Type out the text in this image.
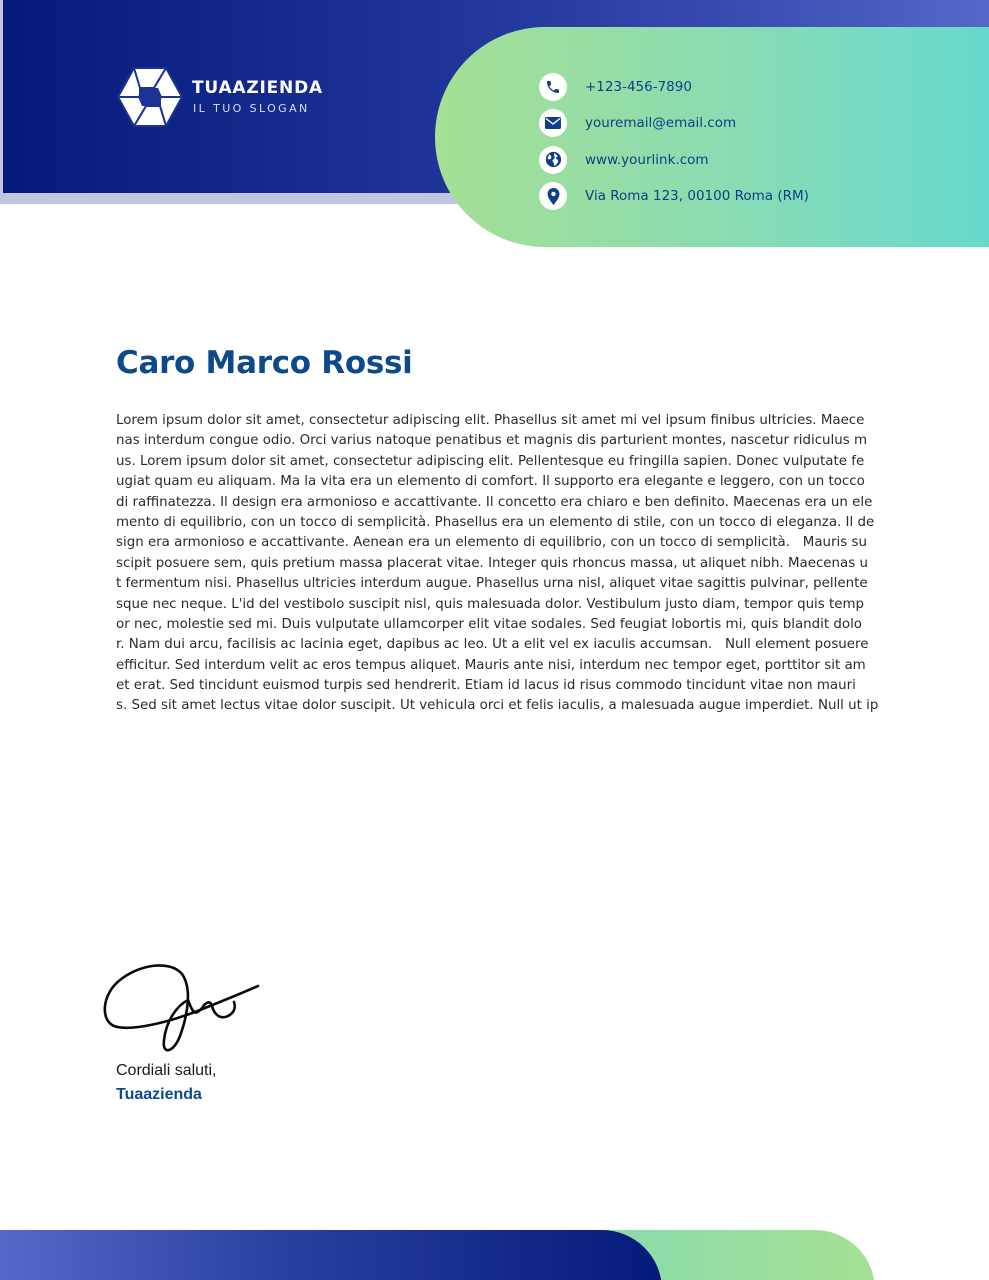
TUAAZIENDA
IL TUO SLOGAN
+123-456-7890
youremail@email.com
www.yourlink.com
Via Roma 123, 00100 Roma (RM)
Caro Marco Rossi
Lorem ipsum dolor sit amet, consectetur adipiscing elit. Phasellus sit amet mi vel ipsum finibus ultricies. Maece
nas interdum congue odio. Orci varius natoque penatibus et magnis dis parturient montes, nascetur ridiculus m
us. Lorem ipsum dolor sit amet, consectetur adipiscing elit. Pellentesque eu fringilla sapien. Donec vulputate fe
ugiat quam eu aliquam. Ma la vita era un elemento di comfort. Il supporto era elegante e leggero, con un tocco
di raffinatezza. Il design era armonioso e accattivante. Il concetto era chiaro e ben definito. Maecenas era un ele
mento di equilibrio, con un tocco di semplicità. Phasellus era un elemento di stile, con un tocco di eleganza. Il de
sign era armonioso e accattivante. Aenean era un elemento di equilibrio, con un tocco di semplicità.   Mauris su
scipit posuere sem, quis pretium massa placerat vitae. Integer quis rhoncus massa, ut aliquet nibh. Maecenas u
t fermentum nisi. Phasellus ultricies interdum augue. Phasellus urna nisl, aliquet vitae sagittis pulvinar, pellente
sque nec neque. L'id del vestibolo suscipit nisl, quis malesuada dolor. Vestibulum justo diam, tempor quis temp
or nec, molestie sed mi. Duis vulputate ullamcorper elit vitae sodales. Sed feugiat lobortis mi, quis blandit dolo
r. Nam dui arcu, facilisis ac lacinia eget, dapibus ac leo. Ut a elit vel ex iaculis accumsan.   Null element posuere
efficitur. Sed interdum velit ac eros tempus aliquet. Mauris ante nisi, interdum nec tempor eget, porttitor sit am
et erat. Sed tincidunt euismod turpis sed hendrerit. Etiam id lacus id risus commodo tincidunt vitae non mauri
s. Sed sit amet lectus vitae dolor suscipit. Ut vehicula orci et felis iaculis, a malesuada augue imperdiet. Null ut ip
Cordiali saluti,
Tuaazienda
